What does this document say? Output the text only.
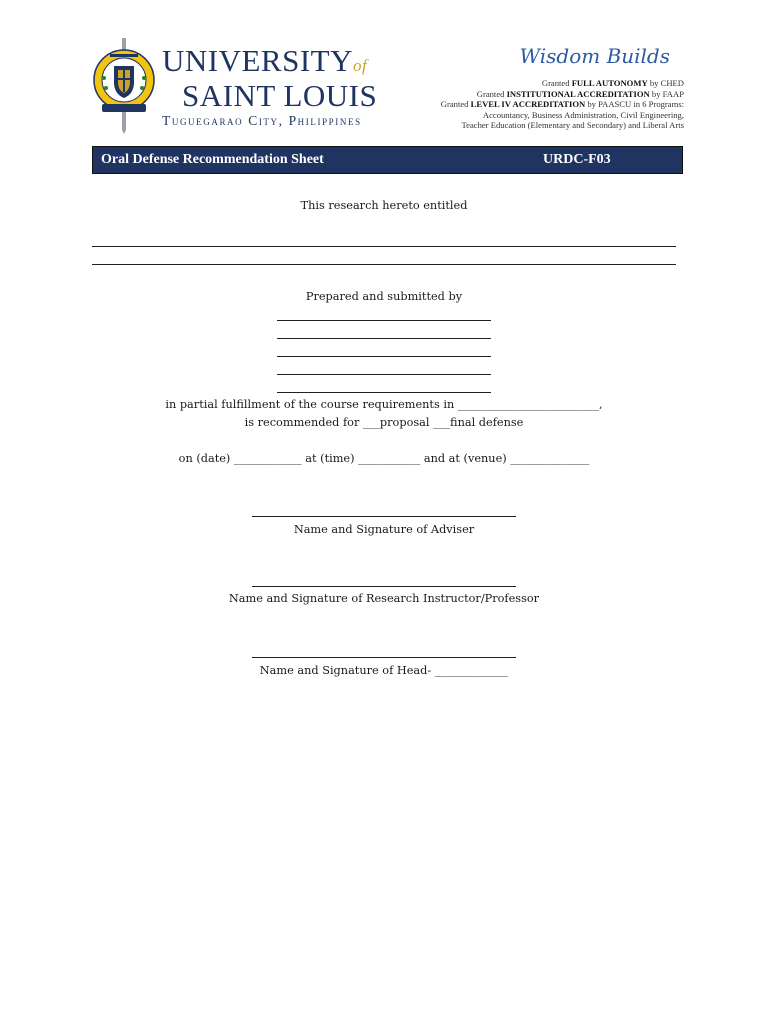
UNIVERSITYof
SAINT LOUIS
Tuguegarao City, Philippines
Wisdom Builds
Granted FULL AUTONOMY by CHED
Granted INSTITUTIONAL ACCREDITATION by FAAP
Granted LEVEL IV ACCREDITATION by PAASCU in 6 Programs:
Accountancy, Business Administration, Civil Engineering,
Teacher Education (Elementary and Secondary) and Liberal Arts
Oral Defense Recommendation Sheet	URDC-F03
This research hereto entitled
Prepared and submitted by
in partial fulfillment of the course requirements in _________________________,
is recommended for ___proposal ___final defense
on (date) ____________ at (time) ___________ and at (venue) ______________
Name and Signature of Adviser
Name and Signature of Research Instructor/Professor
Name and Signature of Head- _____________
